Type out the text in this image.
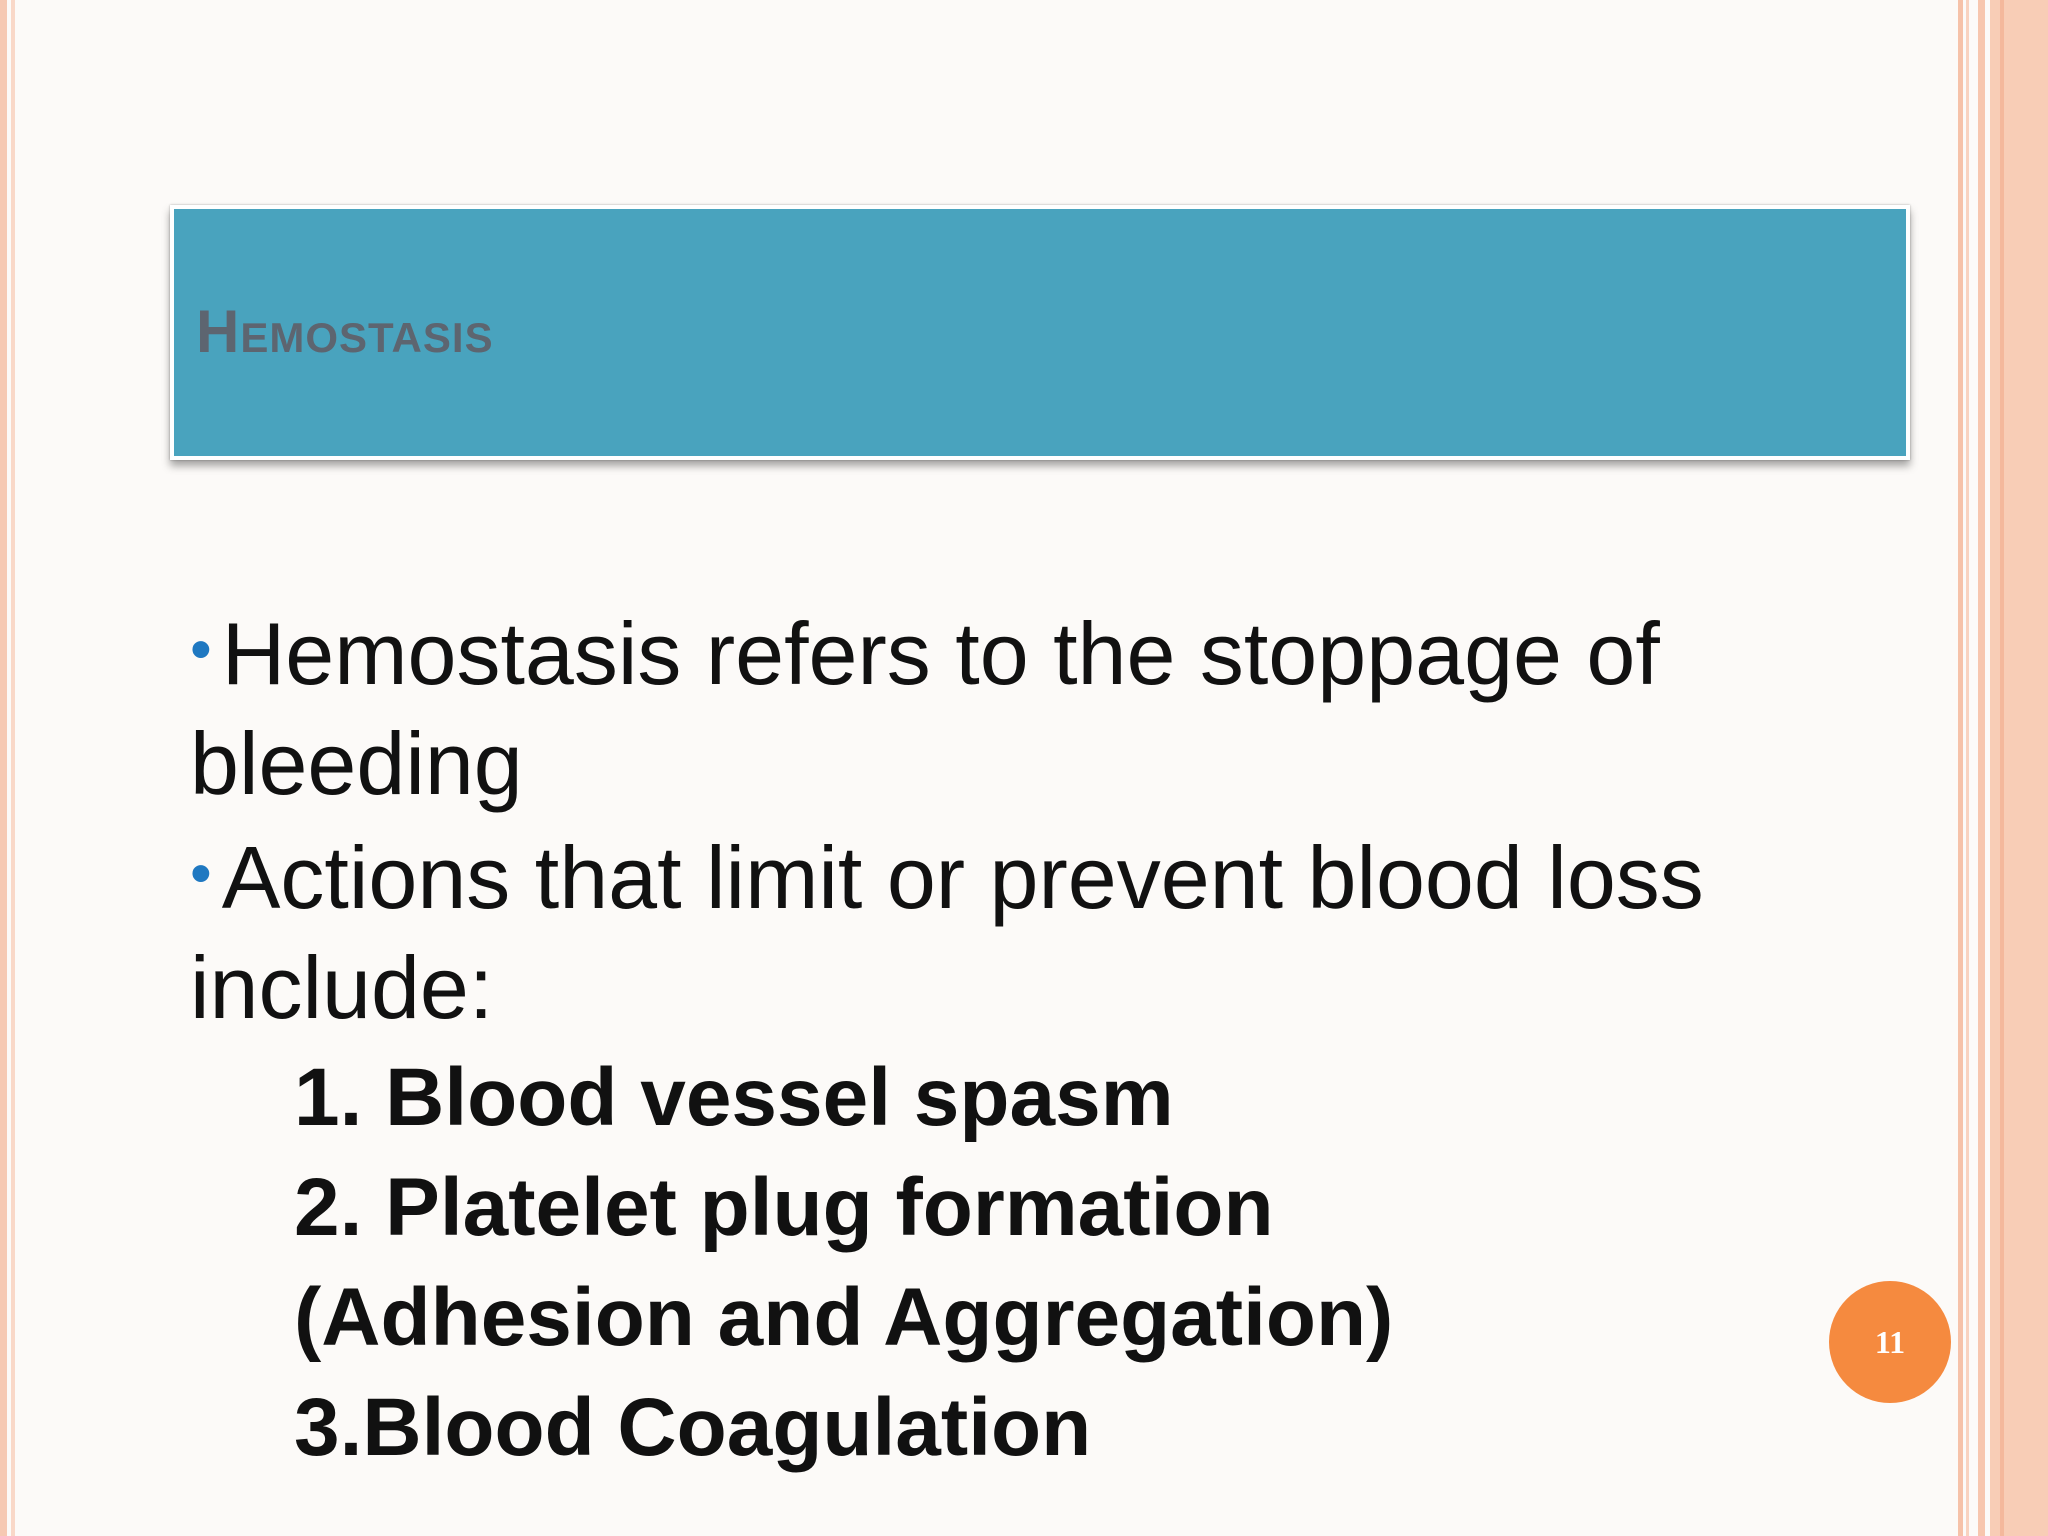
Hemostasis

• Hemostasis refers to the stoppage of bleeding

• Actions that limit or prevent blood loss include:

1. Blood vessel spasm
2. Platelet plug formation
(Adhesion and Aggregation)
3.Blood Coagulation
11
